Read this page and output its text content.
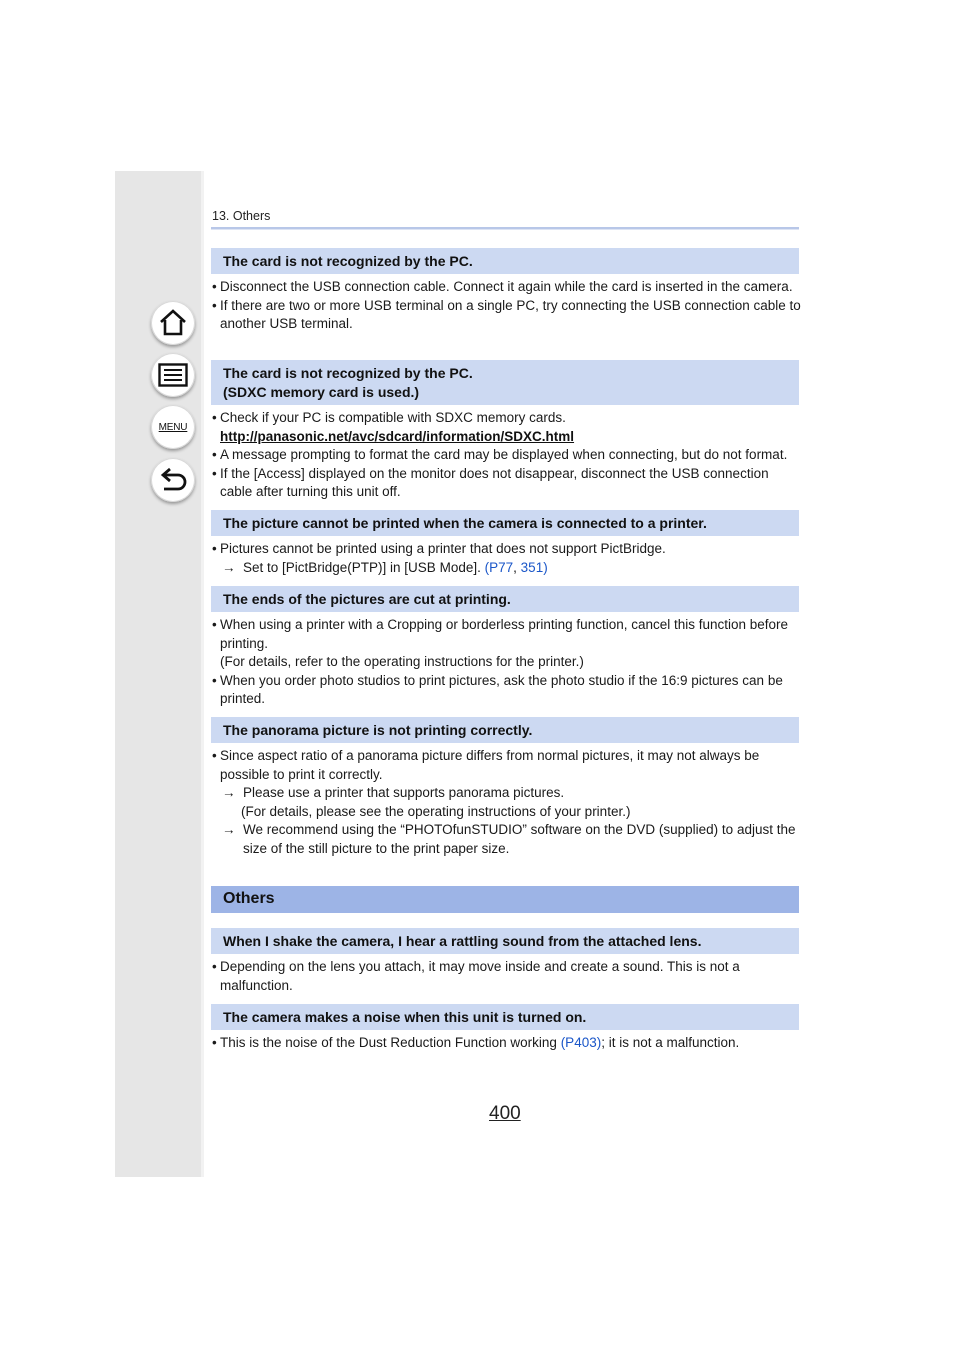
MENU
13. Others
The card is not recognized by the PC.
• Disconnect the USB connection cable. Connect it again while the card is inserted in the camera.
• If there are two or more USB terminal on a single PC, try connecting the USB connection cable to another USB terminal.
The card is not recognized by the PC.
(SDXC memory card is used.)
• Check if your PC is compatible with SDXC memory cards.
http://panasonic.net/avc/sdcard/information/SDXC.html
• A message prompting to format the card may be displayed when connecting, but do not format.
• If the [Access] displayed on the monitor does not disappear, disconnect the USB connection cable after turning this unit off.
The picture cannot be printed when the camera is connected to a printer.
• Pictures cannot be printed using a printer that does not support PictBridge.
→ Set to [PictBridge(PTP)] in [USB Mode]. (P77, 351)
The ends of the pictures are cut at printing.
• When using a printer with a Cropping or borderless printing function, cancel this function before printing.
(For details, refer to the operating instructions for the printer.)
• When you order photo studios to print pictures, ask the photo studio if the 16:9 pictures can be printed.
The panorama picture is not printing correctly.
• Since aspect ratio of a panorama picture differs from normal pictures, it may not always be possible to print it correctly.
→ Please use a printer that supports panorama pictures.
(For details, please see the operating instructions of your printer.)
→ We recommend using the “PHOTOfunSTUDIO” software on the DVD (supplied) to adjust the size of the still picture to the print paper size.
Others
When I shake the camera, I hear a rattling sound from the attached lens.
• Depending on the lens you attach, it may move inside and create a sound. This is not a malfunction.
The camera makes a noise when this unit is turned on.
• This is the noise of the Dust Reduction Function working (P403); it is not a malfunction.
400
